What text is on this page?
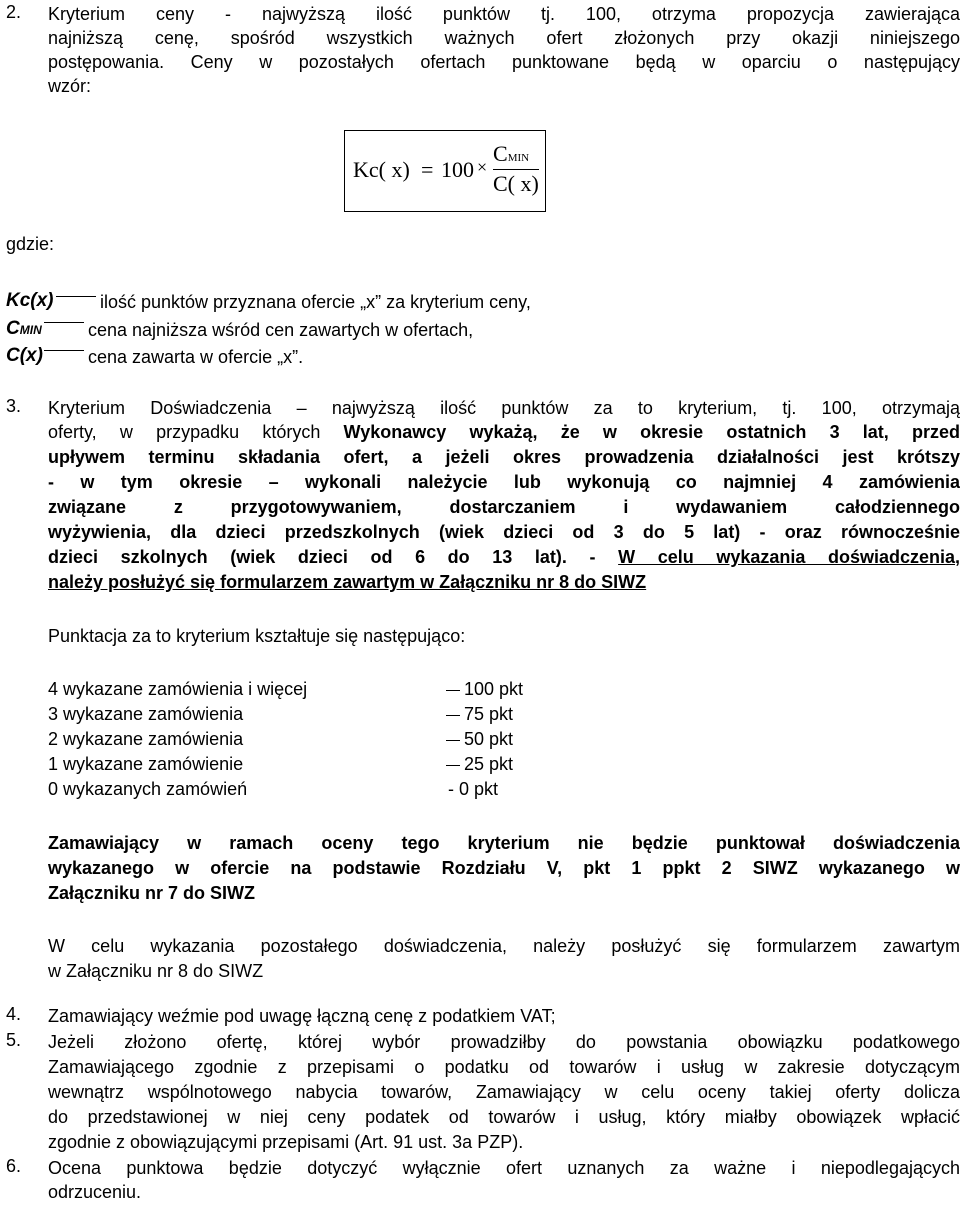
2. Kryterium ceny - najwyższą ilość punktów tj. 100, otrzyma propozycja zawierająca
najniższą cenę, spośród wszystkich ważnych ofert złożonych przy okazji niniejszego
postępowania. Ceny w pozostałych ofertach punktowane będą w oparciu o następujący
wzór:
Kc( x) = 100 ×
CMIN
C( x)
gdzie:
Kc(x)	ilość punktów przyznana ofercie „x” za kryterium ceny,
CMIN	cena najniższa wśród cen zawartych w ofertach,
C(x)	cena zawarta w ofercie „x”.
3. Kryterium Doświadczenia – najwyższą ilość punktów za to kryterium, tj. 100, otrzymają
oferty, w przypadku których Wykonawcy wykażą, że w okresie ostatnich 3 lat, przed
upływem terminu składania ofert, a jeżeli okres prowadzenia działalności jest krótszy
- w tym okresie – wykonali należycie lub wykonują co najmniej 4 zamówienia
związane z przygotowywaniem, dostarczaniem i wydawaniem całodziennego
wyżywienia, dla dzieci przedszkolnych (wiek dzieci od 3 do 5 lat) - oraz równocześnie
dzieci szkolnych (wiek dzieci od 6 do 13 lat). - W celu wykazania doświadczenia,
należy posłużyć się formularzem zawartym w Załączniku nr 8 do SIWZ
Punktacja za to kryterium kształtuje się następująco:
4 wykazane zamówienia i więcej	100 pkt
3 wykazane zamówienia	75 pkt
2 wykazane zamówienia	50 pkt
1 wykazane zamówienie	25 pkt
0 wykazanych zamówień	- 0 pkt
Zamawiający w ramach oceny tego kryterium nie będzie punktował doświadczenia
wykazanego w ofercie na podstawie Rozdziału V, pkt 1 ppkt 2 SIWZ wykazanego w
Załączniku nr 7 do SIWZ
W celu wykazania pozostałego doświadczenia, należy posłużyć się formularzem zawartym
w Załączniku nr 8 do SIWZ
4. Zamawiający weźmie pod uwagę łączną cenę z podatkiem VAT;
5. Jeżeli złożono ofertę, której wybór prowadziłby do powstania obowiązku podatkowego
Zamawiającego zgodnie z przepisami o podatku od towarów i usług w zakresie dotyczącym
wewnątrz wspólnotowego nabycia towarów, Zamawiający w celu oceny takiej oferty dolicza
do przedstawionej w niej ceny podatek od towarów i usług, który miałby obowiązek wpłacić
zgodnie z obowiązującymi przepisami (Art. 91 ust. 3a PZP).
6. Ocena punktowa będzie dotyczyć wyłącznie ofert uznanych za ważne i niepodlegających
odrzuceniu.
